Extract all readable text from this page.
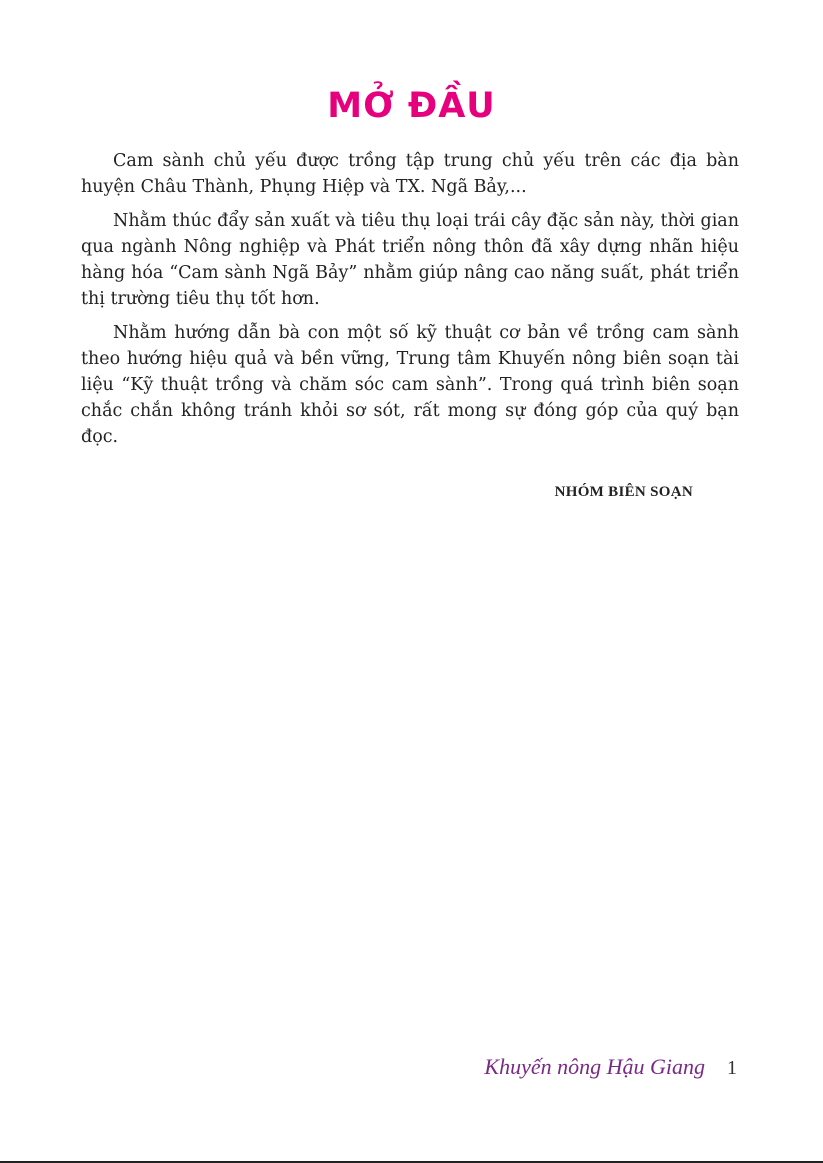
MỞ ĐẦU

Cam sành chủ yếu được trồng tập trung chủ yếu trên các địa bàn huyện Châu Thành, Phụng Hiệp và TX. Ngã Bảy,...

Nhằm thúc đẩy sản xuất và tiêu thụ loại trái cây đặc sản này, thời gian qua ngành Nông nghiệp và Phát triển nông thôn đã xây dựng nhãn hiệu hàng hóa “Cam sành Ngã Bảy” nhằm giúp nâng cao năng suất, phát triển thị trường tiêu thụ tốt hơn.

Nhằm hướng dẫn bà con một số kỹ thuật cơ bản về trồng cam sành theo hướng hiệu quả và bền vững, Trung tâm Khuyến nông biên soạn tài liệu “Kỹ thuật trồng và chăm sóc cam sành”. Trong quá trình biên soạn chắc chắn không tránh khỏi sơ sót, rất mong sự đóng góp của quý bạn đọc.

NHÓM BIÊN SOẠN
Khuyến nông Hậu Giang 1
